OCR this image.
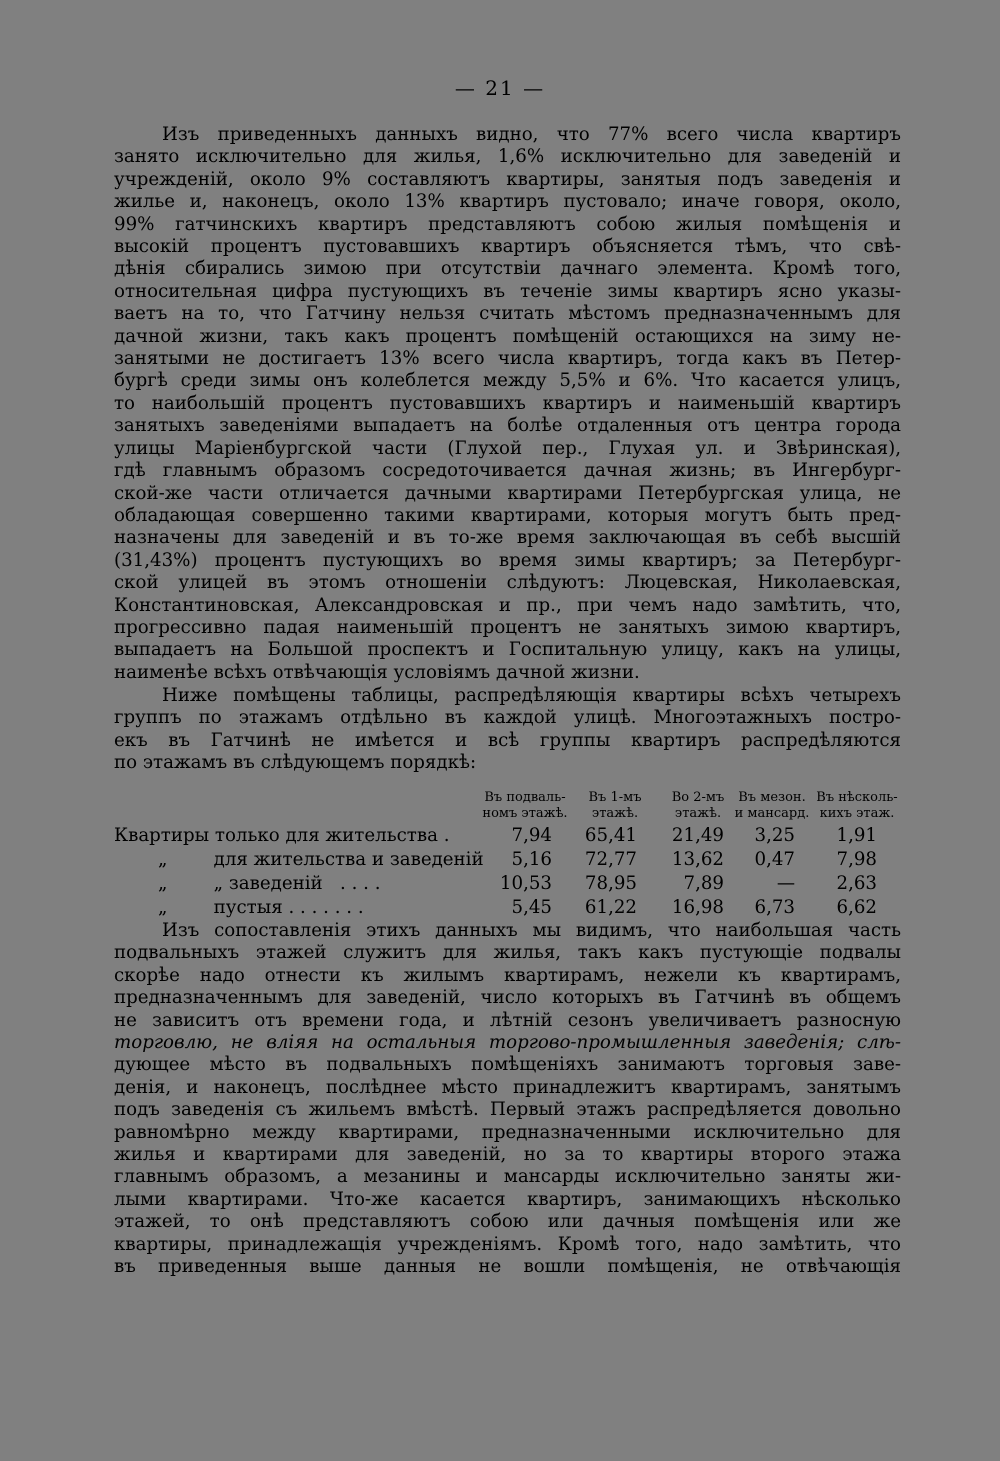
— 21 —
Изъ приведенныхъ данныхъ видно, что 77% всего числа квартиръ
занято исключительно для жилья, 1,6% исключительно для заведеній и
учрежденій, около 9% составляютъ квартиры, занятыя подъ заведенія и
жилье и, наконецъ, около 13% квартиръ пустовало; иначе говоря, около,
99% гатчинскихъ квартиръ представляютъ собою жилыя помѣщенія и
высокій процентъ пустовавшихъ квартиръ объясняется тѣмъ, что свѣ-
дѣнія сбирались зимою при отсутствіи дачнаго элемента. Кромѣ того,
относительная цифра пустующихъ въ теченіе зимы квартиръ ясно указы-
ваетъ на то, что Гатчину нельзя считать мѣстомъ предназначеннымъ для
дачной жизни, такъ какъ процентъ помѣщеній остающихся на зиму не-
занятыми не достигаетъ 13% всего числа квартиръ, тогда какъ въ Петер-
бургѣ среди зимы онъ колеблется между 5,5% и 6%. Что касается улицъ,
то наибольшій процентъ пустовавшихъ квартиръ и наименьшій квартиръ
занятыхъ заведеніями выпадаетъ на болѣе отдаленныя отъ центра города
улицы Маріенбургской части (Глухой пер., Глухая ул. и Звѣринская),
гдѣ главнымъ образомъ сосредоточивается дачная жизнь; въ Ингербург-
ской-же части отличается дачными квартирами Петербургская улица, не
обладающая совершенно такими квартирами, которыя могутъ быть пред-
назначены для заведеній и въ то-же время заключающая въ себѣ высшій
(31,43%) процентъ пустующихъ во время зимы квартиръ; за Петербург-
ской улицей въ этомъ отношеніи слѣдуютъ: Люцевская, Николаевская,
Константиновская, Александровская и пр., при чемъ надо замѣтить, что,
прогрессивно падая наименьшій процентъ не занятыхъ зимою квартиръ,
выпадаетъ на Большой проспектъ и Госпитальную улицу, какъ на улицы,
наименѣе всѣхъ отвѣчающія условіямъ дачной жизни.
Ниже помѣщены таблицы, распредѣляющія квартиры всѣхъ четырехъ
группъ по этажамъ отдѣльно въ каждой улицѣ. Многоэтажныхъ постро-
екъ въ Гатчинѣ не имѣется и всѣ группы квартиръ распредѣляются
по этажамъ въ слѣдующемъ порядкѣ:
Въ подваль-
номъ этажѣ.
Въ 1-мъ
этажѣ.
Во 2-мъ
этажѣ.
Въ мезон.
и мансард.
Въ нѣсколь-
кихъ этаж.
Квартиры только для жительства .	7,94 65,41 21,49 3,25 1,91
„        для жительства и заведеній 5,16 72,77 13,62 0,47 7,98
„        „ заведеній   . . . .	10,53 78,95	7,89	— 2,63
„        пустыя . . . . . . .	5,45 61,22 16,98 6,73 6,62
Изъ сопоставленія этихъ данныхъ мы видимъ, что наибольшая часть
подвальныхъ этажей служитъ для жилья, такъ какъ пустующіе подвалы
скорѣе надо отнести къ жилымъ квартирамъ, нежели къ квартирамъ,
предназначеннымъ для заведеній, число которыхъ въ Гатчинѣ въ общемъ
не зависитъ отъ времени года, и лѣтній сезонъ увеличиваетъ разносную
торговлю, не вліяя на остальныя торгово-промышленныя заведенія; слѣ-
дующее мѣсто въ подвальныхъ помѣщеніяхъ занимаютъ торговыя заве-
денія, и наконецъ, послѣднее мѣсто принадлежитъ квартирамъ, занятымъ
подъ заведенія съ жильемъ вмѣстѣ. Первый этажъ распредѣляется довольно
равномѣрно между квартирами, предназначенными исключительно для
жилья и квартирами для заведеній, но за то квартиры второго этажа
главнымъ образомъ, а мезанины и мансарды исключительно заняты жи-
лыми квартирами. Что-же касается квартиръ, занимающихъ нѣсколько
этажей, то онѣ представляютъ собою или дачныя помѣщенія или же
квартиры, принадлежащія учрежденіямъ. Кромѣ того, надо замѣтить, что
въ приведенныя выше данныя не вошли помѣщенія, не отвѣчающія
